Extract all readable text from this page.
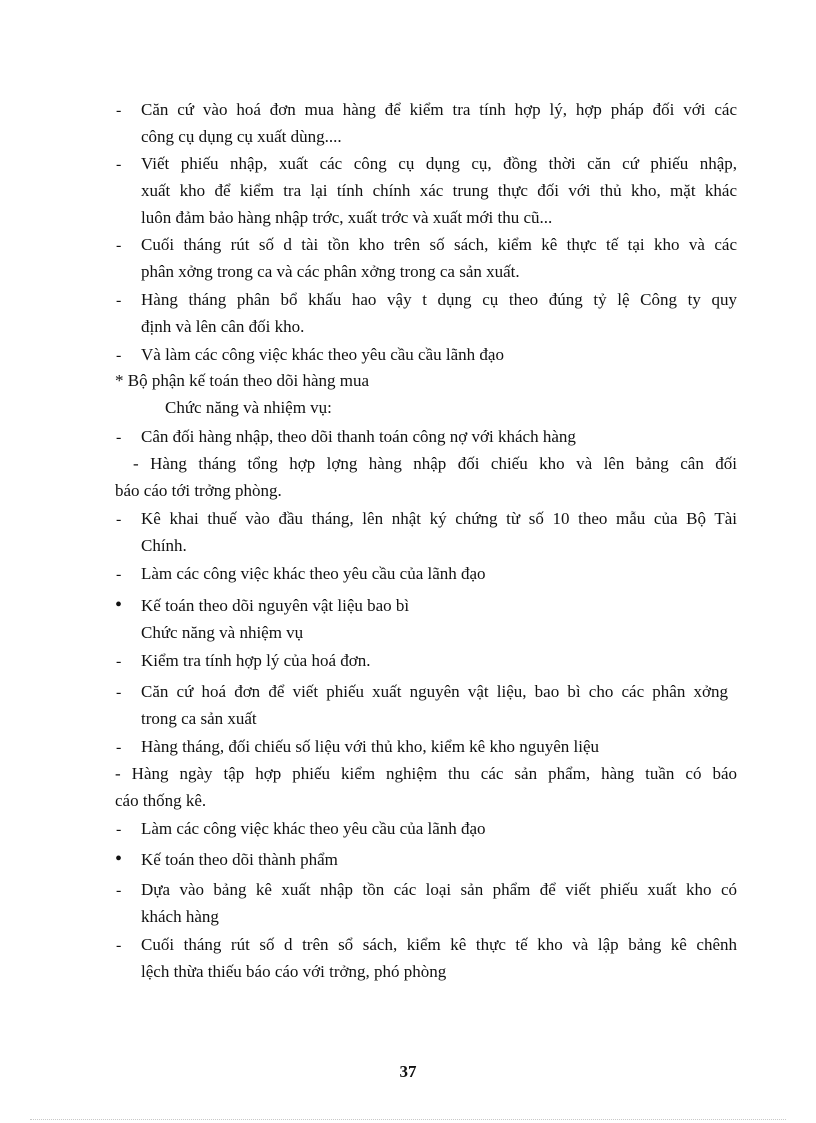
- Căn cứ vào hoá đơn mua hàng để kiểm tra tính hợp lý, hợp pháp đối với các

công cụ dụng cụ xuất dùng....

- Viết phiếu nhập, xuất các công cụ dụng cụ, đồng thời căn cứ phiếu nhập,

xuất kho để kiểm tra lại tính chính xác trung thực đối với thủ kho, mặt khác

luôn đảm bảo hàng nhập trớc, xuất trớc và xuất mới thu cũ...

- Cuối tháng rút số d tài tồn kho trên số sách, kiểm kê thực tế tại kho và các

phân xởng trong ca và các phân xởng trong ca sản xuất.

- Hàng tháng phân bổ khấu hao vậy t dụng cụ theo đúng tỷ lệ Công ty quy

định và lên cân đối kho.

- Và làm các công việc khác theo yêu cầu cầu lãnh đạo

* Bộ phận kế toán theo dõi hàng mua

Chức năng và nhiệm vụ:

- Cân đối hàng nhập, theo dõi thanh toán công nợ với khách hàng

- Hàng tháng tổng hợp lợng hàng nhập đối chiếu kho và lên bảng cân đối

báo cáo tới trởng phòng.

- Kê khai thuế vào đầu tháng, lên nhật ký chứng từ số 10 theo mẫu của Bộ Tài

Chính.

- Làm các công việc khác theo yêu cầu của lãnh đạo

• Kế toán theo dõi nguyên vật liệu bao bì

Chức năng và nhiệm vụ

- Kiểm tra tính hợp lý của hoá đơn.

- Căn cứ hoá đơn để viết phiếu xuất nguyên vật liệu, bao bì cho các phân xởng

trong ca sản xuất

- Hàng tháng, đối chiếu số liệu với thủ kho, kiểm kê kho nguyên liệu

- Hàng ngày tập hợp phiếu kiểm nghiệm thu các sản phẩm, hàng tuần có báo

cáo thống kê.

- Làm các công việc khác theo yêu cầu của lãnh đạo

• Kế toán theo dõi thành phẩm

- Dựa vào bảng kê xuất nhập tồn các loại sản phẩm để viết phiếu xuất kho có

khách hàng

- Cuối tháng rút số d trên sổ sách, kiểm kê thực tế kho và lập bảng kê chênh

lệch thừa thiếu báo cáo với trởng, phó phòng

37
